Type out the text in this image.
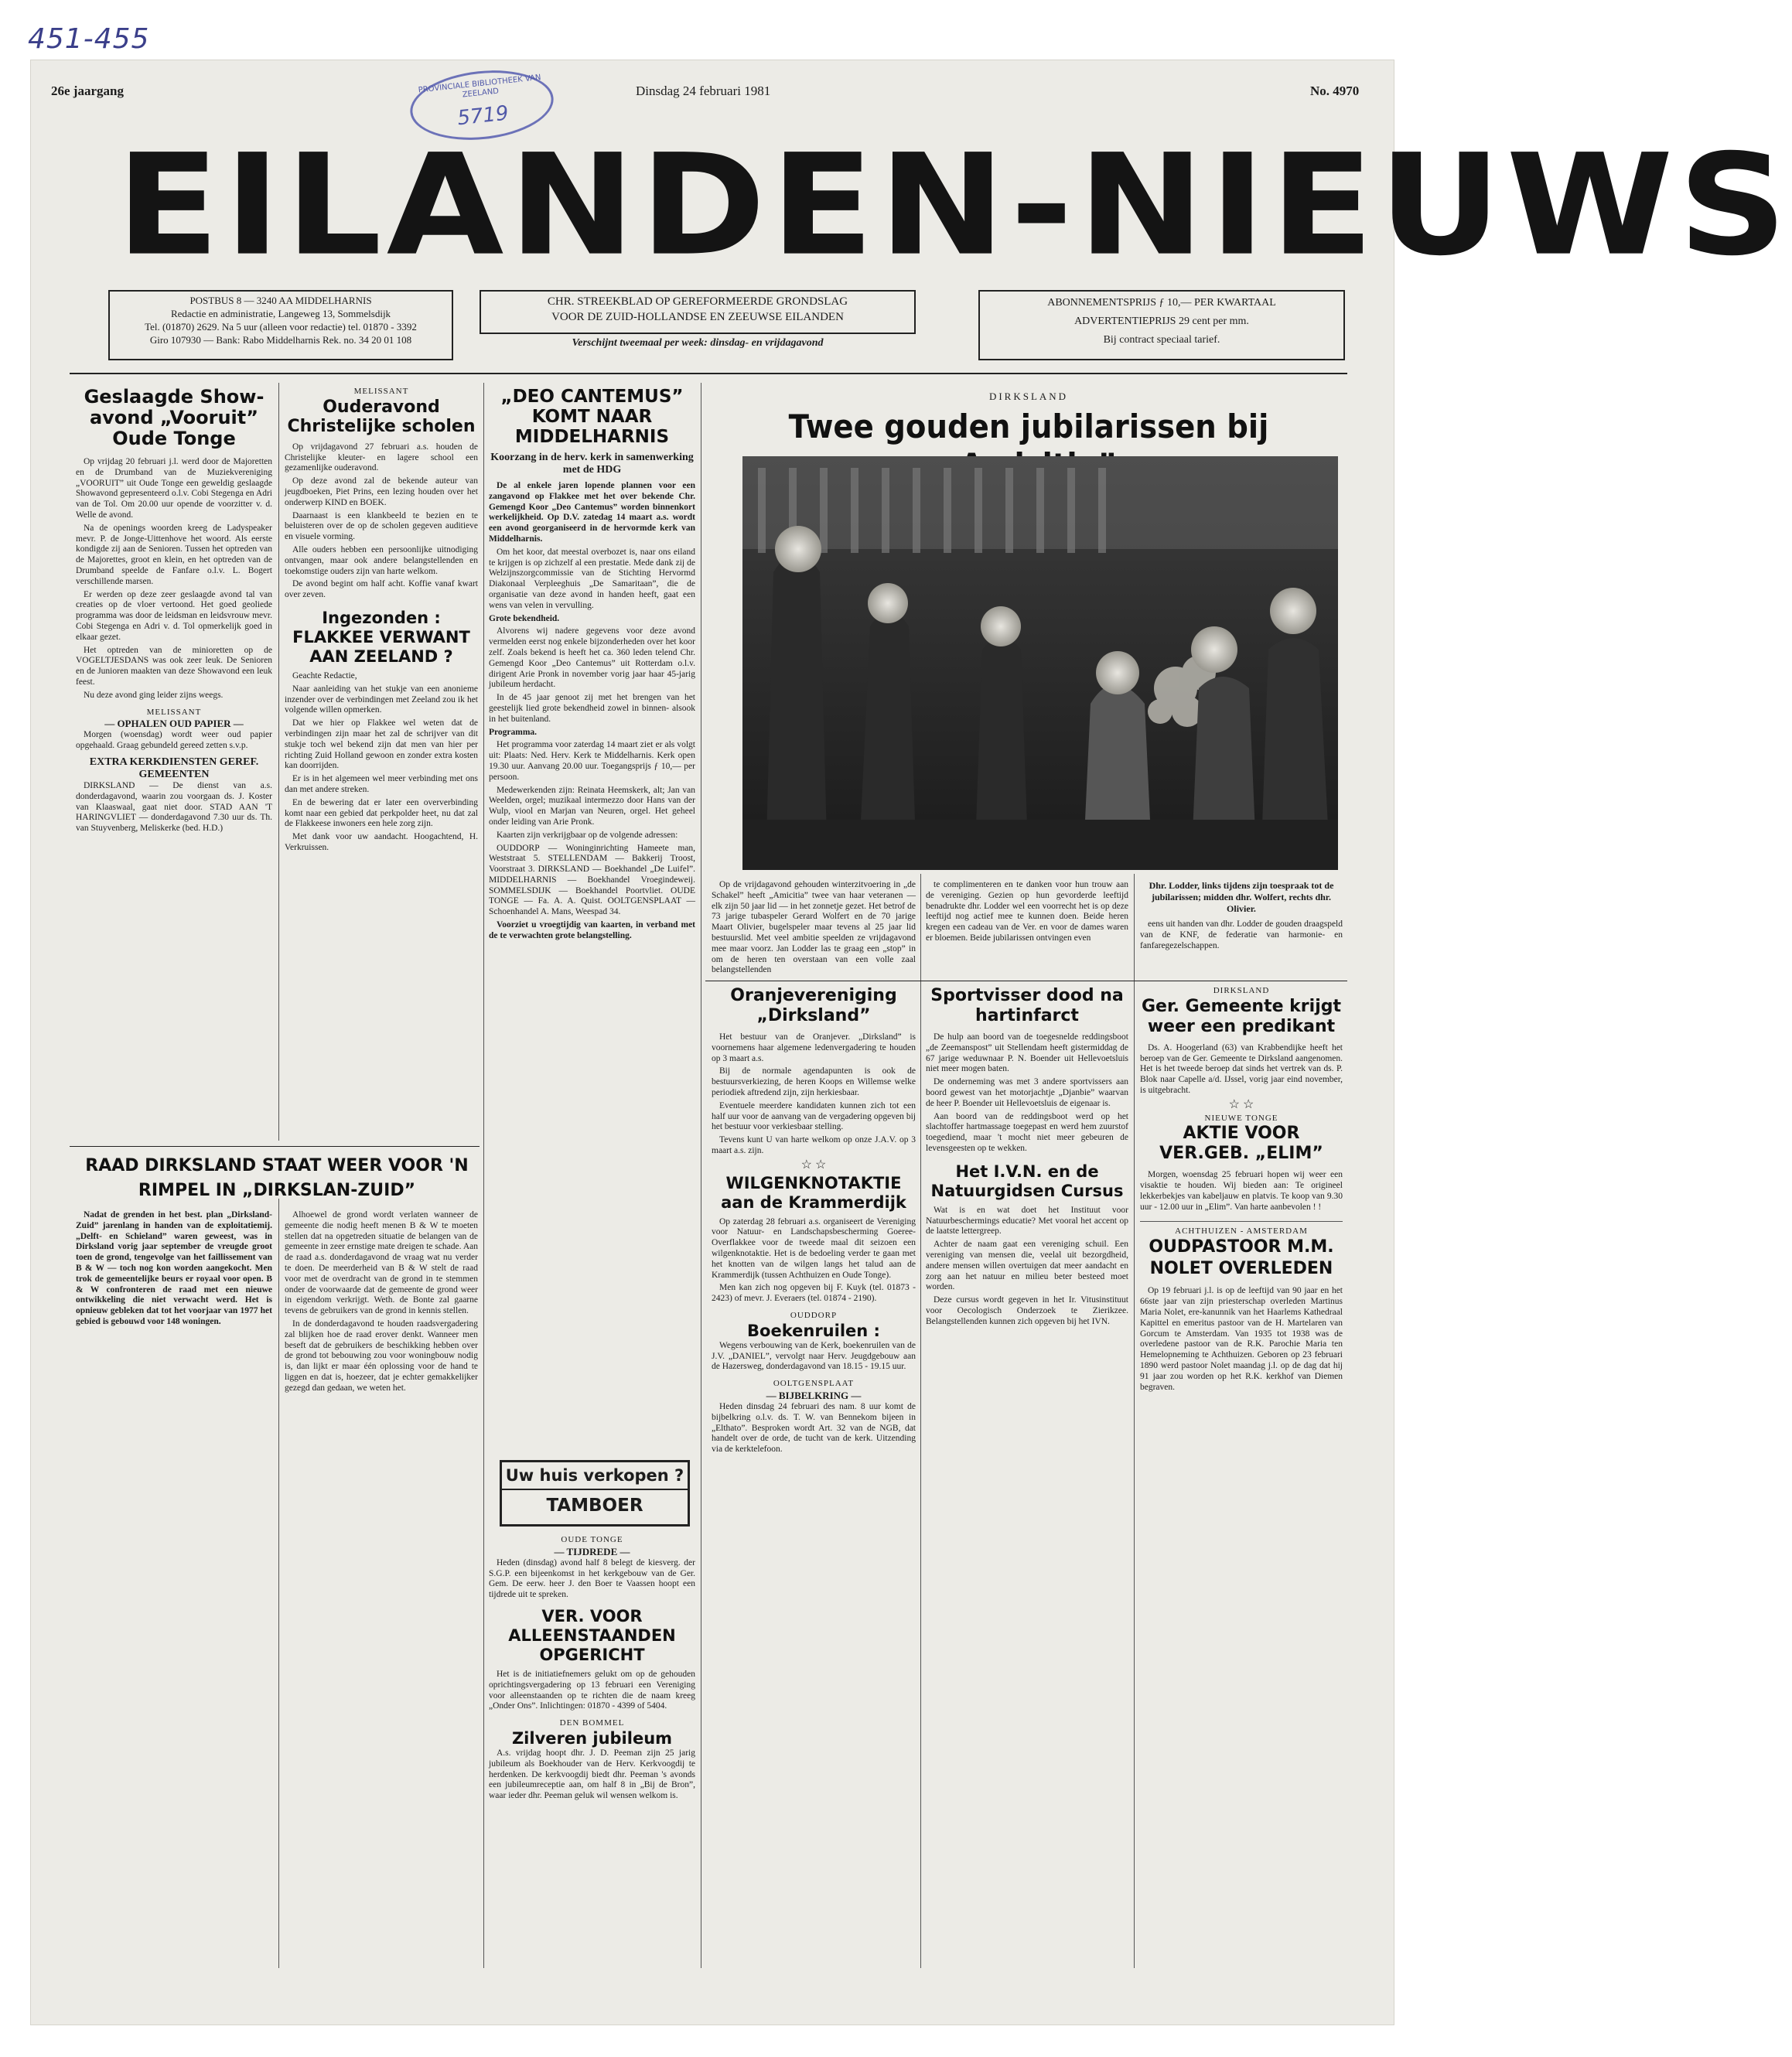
451-455
PROVINCIALE BIBLIOTHEEK VAN ZEELAND
5719
26e jaargang	Dinsdag 24 februari 1981	No. 4970
EILANDEN-NIEUWS
POSTBUS 8 — 3240 AA MIDDELHARNIS
Redactie en administratie, Langeweg 13, Sommelsdijk
Tel. (01870) 2629. Na 5 uur (alleen voor redactie) tel. 01870 - 3392
Giro 107930 — Bank: Rabo Middelharnis Rek. no. 34 20 01 108
CHR. STREEKBLAD OP GEREFORMEERDE GRONDSLAG
VOOR DE ZUID-HOLLANDSE EN ZEEUWSE EILANDEN
Verschijnt tweemaal per week: dinsdag- en vrijdagavond
ABONNEMENTSPRIJS ƒ 10,— PER KWARTAAL
ADVERTENTIEPRIJS 29 cent per mm.
Bij contract speciaal tarief.
Geslaagde Show-avond „Vooruit” Oude Tonge

Op vrijdag 20 februari j.l. werd door de Majoretten en de Drumband van de Muziekvereniging „VOORUIT” uit Oude Tonge een geweldig geslaagde Showavond gepresenteerd o.l.v. Cobi Stegenga en Adri van de Tol. Om 20.00 uur opende de voorzitter v. d. Welle de avond.

Na de openings woorden kreeg de Ladyspeaker mevr. P. de Jonge-Uittenhove het woord. Als eerste kondigde zij aan de Senioren. Tussen het optreden van de Majorettes, groot en klein, en het optreden van de Drumband speelde de Fanfare o.l.v. L. Bogert verschillende marsen.

Er werden op deze zeer geslaagde avond tal van creaties op de vloer vertoond. Het goed geoliede programma was door de leidsman en leidsvrouw mevr. Cobi Stegenga en Adri v. d. Tol opmerkelijk goed in elkaar gezet.

Het optreden van de minioretten op de VOGELTJESDANS was ook zeer leuk. De Senioren en de Junioren maakten van deze Showavond een leuk feest.

Nu deze avond ging leider zijns weegs.

MELISSANT
— OPHALEN OUD PAPIER —

Morgen (woensdag) wordt weer oud papier opgehaald. Graag gebundeld gereed zetten s.v.p.

EXTRA KERKDIENSTEN GEREF. GEMEENTEN

DIRKSLAND — De dienst van a.s. donderdagavond, waarin zou voorgaan ds. J. Koster van Klaaswaal, gaat niet door. STAD AAN 'T HARINGVLIET — donderdagavond 7.30 uur ds. Th. van Stuyvenberg, Meliskerke (bed. H.D.)

MELISSANT
Ouderavond Christelijke scholen

Op vrijdagavond 27 februari a.s. houden de Christelijke kleuter- en lagere school een gezamenlijke ouderavond.

Op deze avond zal de bekende auteur van jeugdboeken, Piet Prins, een lezing houden over het onderwerp KIND en BOEK.

Daarnaast is een klankbeeld te bezien en te beluisteren over de op de scholen gegeven auditieve en visuele vorming.

Alle ouders hebben een persoonlijke uitnodiging ontvangen, maar ook andere belangstellenden en toekomstige ouders zijn van harte welkom.

De avond begint om half acht. Koffie vanaf kwart over zeven.

Ingezonden : FLAKKEE VERWANT AAN ZEELAND ?

Geachte Redactie,

Naar aanleiding van het stukje van een anonieme inzender over de verbindingen met Zeeland zou ik het volgende willen opmerken.

Dat we hier op Flakkee wel weten dat de verbindingen zijn maar het zal de schrijver van dit stukje toch wel bekend zijn dat men van hier per richting Zuid Holland gewoon en zonder extra kosten kan doorrijden.

Er is in het algemeen wel meer verbinding met ons dan met andere streken.

En de bewering dat er later een oververbinding komt naar een gebied dat perkpolder heet, nu dat zal de Flakkeese inwoners een hele zorg zijn.

Met dank voor uw aandacht. Hoogachtend, H. Verkruissen.

„DEO CANTEMUS” KOMT NAAR MIDDELHARNIS
Koorzang in de herv. kerk in samenwerking met de HDG

De al enkele jaren lopende plannen voor een zangavond op Flakkee met het over bekende Chr. Gemengd Koor „Deo Cantemus” worden binnenkort werkelijkheid. Op D.V. zatedag 14 maart a.s. wordt een avond georganiseerd in de hervormde kerk van Middelharnis.

Om het koor, dat meestal overbozet is, naar ons eiland te krijgen is op zichzelf al een prestatie. Mede dank zij de Welzijnszorgcommissie van de Stichting Hervormd Diakonaal Verpleeghuis „De Samaritaan”, die de organisatie van deze avond in handen heeft, gaat een wens van velen in vervulling.

Grote bekendheid.

Alvorens wij nadere gegevens voor deze avond vermelden eerst nog enkele bijzonderheden over het koor zelf. Zoals bekend is heeft het ca. 360 leden telend Chr. Gemengd Koor „Deo Cantemus” uit Rotterdam o.l.v. dirigent Arie Pronk in november vorig jaar haar 45-jarig jubileum herdacht.

In de 45 jaar genoot zij met het brengen van het geestelijk lied grote bekendheid zowel in binnen- alsook in het buitenland.

Programma.

Het programma voor zaterdag 14 maart ziet er als volgt uit: Plaats: Ned. Herv. Kerk te Middelharnis. Kerk open 19.30 uur. Aanvang 20.00 uur. Toegangsprijs ƒ 10,— per persoon.

Medewerkenden zijn: Reinata Heemskerk, alt; Jan van Weelden, orgel; muzikaal intermezzo door Hans van der Wulp, viool en Marjan van Neuren, orgel. Het geheel onder leiding van Arie Pronk.

Kaarten zijn verkrijgbaar op de volgende adressen:

OUDDORP — Woninginrichting Hameete man, Weststraat 5. STELLENDAM — Bakkerij Troost, Voorstraat 3. DIRKSLAND — Boekhandel „De Luifel”. MIDDELHARNIS — Boekhandel Vroegindeweij. SOMMELSDIJK — Boekhandel Poortvliet. OUDE TONGE — Fa. A. A. Quist. OOLTGENSPLAAT — Schoenhandel A. Mans, Weespad 34.

Voorziet u vroegtijdig van kaarten, in verband met de te verwachten grote belangstelling.

DIRKSLAND
Twee gouden jubilarissen bij

Op de vrijdagavond gehouden winterzitvoering in „de Schakel” heeft „Amicitia” twee van haar veteranen — elk zijn 50 jaar lid — in het zonnetje gezet. Het betrof de 73 jarige tubaspeler Gerard Wolfert en de 70 jarige Maart Olivier, bugelspeler maar tevens al 25 jaar lid bestuurslid. Met veel ambitie speelden ze vrijdagavond mee maar voorz. Jan Lodder las te graag een „stop” in om de heren ten overstaan van een volle zaal belangstellenden

te complimenteren en te danken voor hun trouw aan de vereniging. Gezien op hun gevorderde leeftijd benadrukte dhr. Lodder wel een voorrecht het is op deze leeftijd nog actief mee te kunnen doen. Beide heren kregen een cadeau van de Ver. en voor de dames waren er bloemen. Beide jubilarissen ontvingen even

Dhr. Lodder, links tijdens zijn toespraak tot de jubilarissen; midden dhr. Wolfert, rechts dhr. Olivier.

eens uit handen van dhr. Lodder de gouden draagspeld van de KNF, de federatie van harmonie- en fanfaregezelschappen.

Oranjevereniging „Dirksland”

Het bestuur van de Oranjever. „Dirksland” is voornemens haar algemene ledenvergadering te houden op 3 maart a.s.

Bij de normale agendapunten is ook de bestuursverkiezing, de heren Koops en Willemse welke periodiek aftredend zijn, zijn herkiesbaar.

Eventuele meerdere kandidaten kunnen zich tot een half uur voor de aanvang van de vergadering opgeven bij het bestuur voor verkiesbaar stelling.

Tevens kunt U van harte welkom op onze J.A.V. op 3 maart a.s. zijn.

☆ ☆
WILGENKNOTAKTIE aan de Krammerdijk

Op zaterdag 28 februari a.s. organiseert de Vereniging voor Natuur- en Landschapsbescherming Goeree-Overflakkee voor de tweede maal dit seizoen een wilgenknotaktie. Het is de bedoeling verder te gaan met het knotten van de wilgen langs het talud aan de Krammerdijk (tussen Achthuizen en Oude Tonge).

Men kan zich nog opgeven bij F. Kuyk (tel. 01873 - 2423) of mevr. J. Everaers (tel. 01874 - 2190).

OUDDORP
Boekenruilen :

Wegens verbouwing van de Kerk, boekenruilen van de J.V. „DANIEL”, vervolgt naar Herv. Jeugdgebouw aan de Hazersweg, donderdagavond van 18.15 - 19.15 uur.

OOLTGENSPLAAT
— BIJBELKRING —

Heden dinsdag 24 februari des nam. 8 uur komt de bijbelkring o.l.v. ds. T. W. van Bennekom bijeen in „Elthato”. Besproken wordt Art. 32 van de NGB, dat handelt over de orde, de tucht van de kerk. Uitzending via de kerktelefoon.

Sportvisser dood na hartinfarct

De hulp aan boord van de toegesnelde reddingsboot „de Zeemanspost” uit Stellendam heeft gistermiddag de 67 jarige weduwnaar P. N. Boender uit Hellevoetsluis niet meer mogen baten.

De onderneming was met 3 andere sportvissers aan boord gewest van het motorjachtje „Djanbie” waarvan de heer P. Boender uit Hellevoetsluis de eigenaar is.

Aan boord van de reddingsboot werd op het slachtoffer hartmassage toegepast en werd hem zuurstof toegediend, maar 't mocht niet meer gebeuren de levensgeesten op te wekken.

Het I.V.N. en de Natuurgidsen Cursus

Wat is en wat doet het Instituut voor Natuurbeschermings educatie? Met vooral het accent op de laatste lettergreep.

Achter de naam gaat een vereniging schuil. Een vereniging van mensen die, veelal uit bezorgdheid, andere mensen willen overtuigen dat meer aandacht en zorg aan het natuur en milieu beter besteed moet worden.

Deze cursus wordt gegeven in het Ir. Vitusinstituut voor Oecologisch Onderzoek te Zierikzee. Belangstellenden kunnen zich opgeven bij het IVN.

DIRKSLAND
Ger. Gemeente krijgt weer een predikant

Ds. A. Hoogerland (63) van Krabbendijke heeft het beroep van de Ger. Gemeente te Dirksland aangenomen. Het is het tweede beroep dat sinds het vertrek van ds. P. Blok naar Capelle a/d. IJssel, vorig jaar eind november, is uitgebracht.

☆ ☆
NIEUWE TONGE
AKTIE VOOR VER.GEB. „ELIM”

Morgen, woensdag 25 februari hopen wij weer een visaktie te houden. Wij bieden aan: Te origineel lekkerbekjes van kabeljauw en platvis. Te koop van 9.30 uur - 12.00 uur in „Elim”. Van harte aanbevolen ! !

ACHTHUIZEN - AMSTERDAM
OUDPASTOOR M.M. NOLET OVERLEDEN

Op 19 februari j.l. is op de leeftijd van 90 jaar en het 66ste jaar van zijn priesterschap overleden Martinus Maria Nolet, ere-kanunnik van het Haarlems Kathedraal Kapittel en emeritus pastoor van de H. Martelaren van Gorcum te Amsterdam. Van 1935 tot 1938 was de overledene pastoor van de R.K. Parochie Maria ten Hemelopneming te Achthuizen. Geboren op 23 februari 1890 werd pastoor Nolet maandag j.l. op de dag dat hij 91 jaar zou worden op het R.K. kerkhof van Diemen begraven.

RAAD DIRKSLAND STAAT WEER VOOR 'N RIMPEL IN „DIRKSLAN-ZUID”

Nadat de grenden in het best. plan „Dirksland-Zuid” jarenlang in handen van de exploitatiemij. „Delft- en Schieland” waren geweest, was in Dirksland vorig jaar september de vreugde groot toen de grond, tengevolge van het faillissement van B & W — toch nog kon worden aangekocht. Men trok de gemeentelijke beurs er royaal voor open. B & W confronteren de raad met een nieuwe ontwikkeling die niet verwacht werd. Het is opnieuw gebleken dat tot het voorjaar van 1977 het gebied is gebouwd voor 148 woningen.

Alhoewel de grond wordt verlaten wanneer de gemeente die nodig heeft menen B & W te moeten stellen dat na opgetreden situatie de belangen van de gemeente in zeer ernstige mate dreigen te schade. Aan de raad a.s. donderdagavond de vraag wat nu verder te doen. De meerderheid van B & W stelt de raad voor met de overdracht van de grond in te stemmen onder de voorwaarde dat de gemeente de grond weer in eigendom verkrijgt. Weth. de Bonte zal gaarne tevens de gebruikers van de grond in kennis stellen.

In de donderdagavond te houden raadsvergadering zal blijken hoe de raad erover denkt. Wanneer men beseft dat de gebruikers de beschikking hebben over de grond tot bebouwing zou voor woningbouw nodig is, dan lijkt er maar één oplossing voor de hand te liggen en dat is, hoezeer, dat je echter gemakkelijker gezegd dan gedaan, we weten het.

Uw huis verkopen ?
TAMBOER
OUDE TONGE
— TIJDREDE —

Heden (dinsdag) avond half 8 belegt de kiesverg. der S.G.P. een bijeenkomst in het kerkgebouw van de Ger. Gem. De eerw. heer J. den Boer te Vaassen hoopt een tijdrede uit te spreken.

VER. VOOR ALLEENSTAANDEN OPGERICHT

Het is de initiatiefnemers gelukt om op de gehouden oprichtingsvergadering op 13 februari een Vereniging voor alleenstaanden op te richten die de naam kreeg „Onder Ons”. Inlichtingen: 01870 - 4399 of 5404.

DEN BOMMEL
Zilveren jubileum

A.s. vrijdag hoopt dhr. J. D. Peeman zijn 25 jarig jubileum als Boekhouder van de Herv. Kerkvoogdij te herdenken. De kerkvoogdij biedt dhr. Peeman 's avonds een jubileumreceptie aan, om half 8 in „Bij de Bron”, waar ieder dhr. Peeman geluk wil wensen welkom is.
